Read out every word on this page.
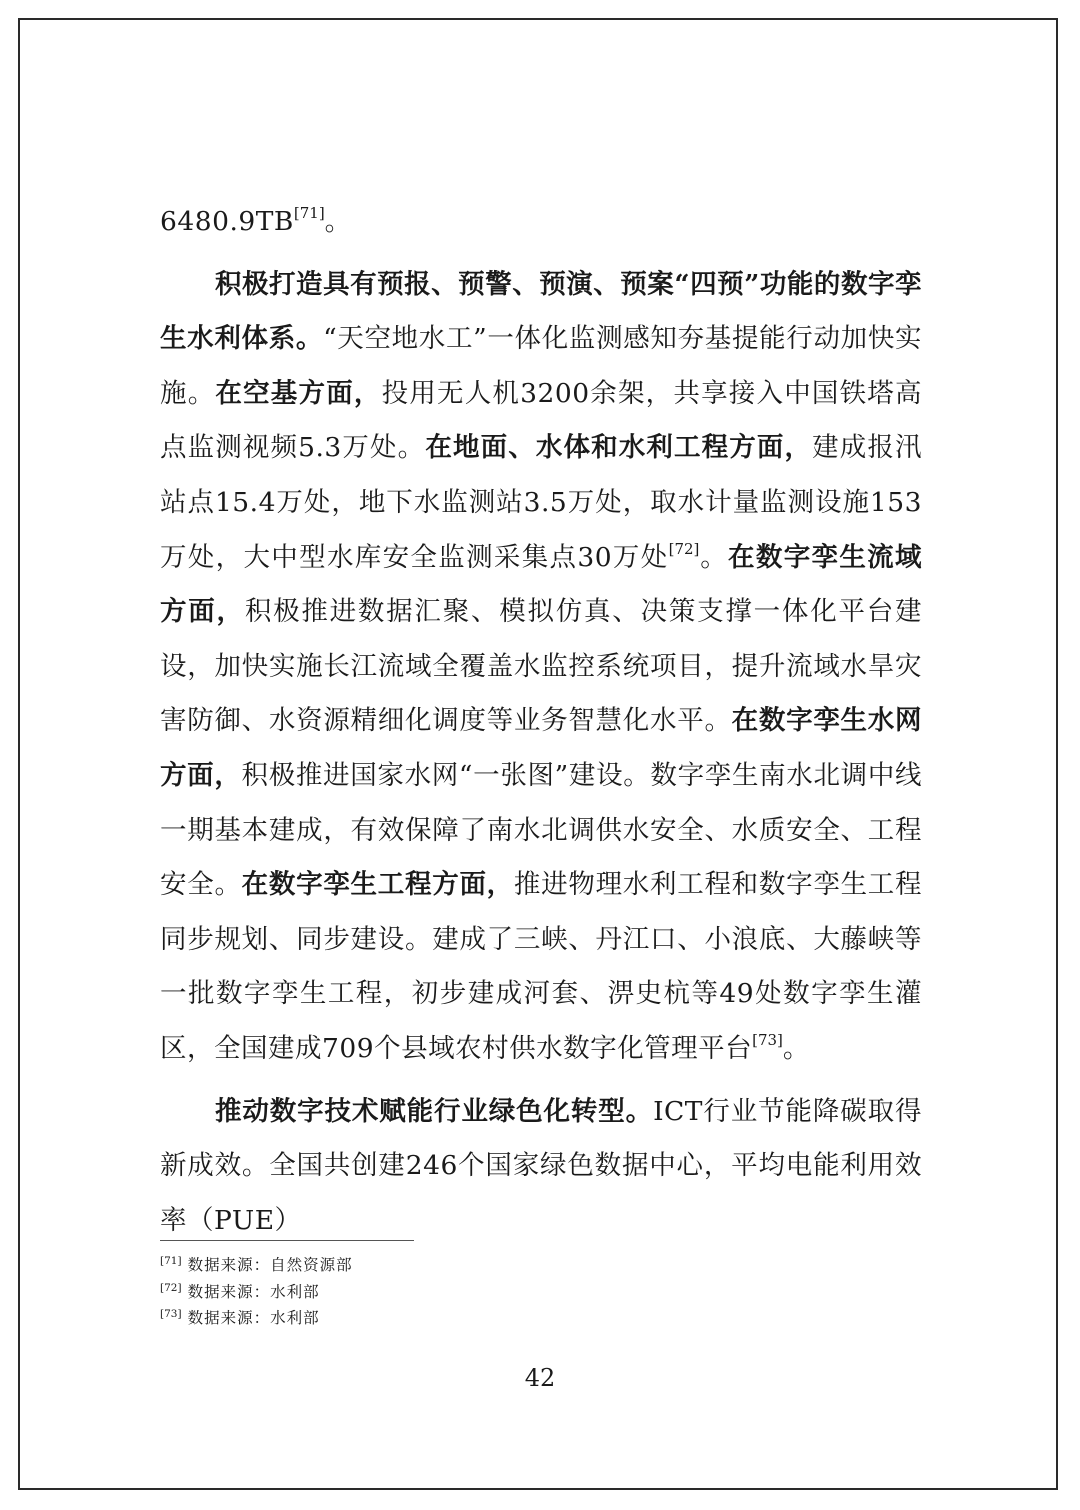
6480.9TB[71]。

积极打造具有预报、预警、预演、预案“四预”功能的数字孪生水利体系。“天空地水工”一体化监测感知夯基提能行动加快实施。在空基方面，投用无人机3200余架，共享接入中国铁塔高点监测视频5.3万处。在地面、水体和水利工程方面，建成报汛站点15.4万处，地下水监测站3.5万处，取水计量监测设施153万处，大中型水库安全监测采集点30万处[72]。在数字孪生流域方面，积极推进数据汇聚、模拟仿真、决策支撑一体化平台建设，加快实施长江流域全覆盖水监控系统项目，提升流域水旱灾害防御、水资源精细化调度等业务智慧化水平。在数字孪生水网方面，积极推进国家水网“一张图”建设。数字孪生南水北调中线一期基本建成，有效保障了南水北调供水安全、水质安全、工程安全。在数字孪生工程方面，推进物理水利工程和数字孪生工程同步规划、同步建设。建成了三峡、丹江口、小浪底、大藤峡等一批数字孪生工程，初步建成河套、淠史杭等49处数字孪生灌区，全国建成709个县域农村供水数字化管理平台[73]。

推动数字技术赋能行业绿色化转型。ICT行业节能降碳取得新成效。全国共创建246个国家绿色数据中心，平均电能利用效率（PUE）

[71] 数据来源：自然资源部
[72] 数据来源：水利部
[73] 数据来源：水利部
42
